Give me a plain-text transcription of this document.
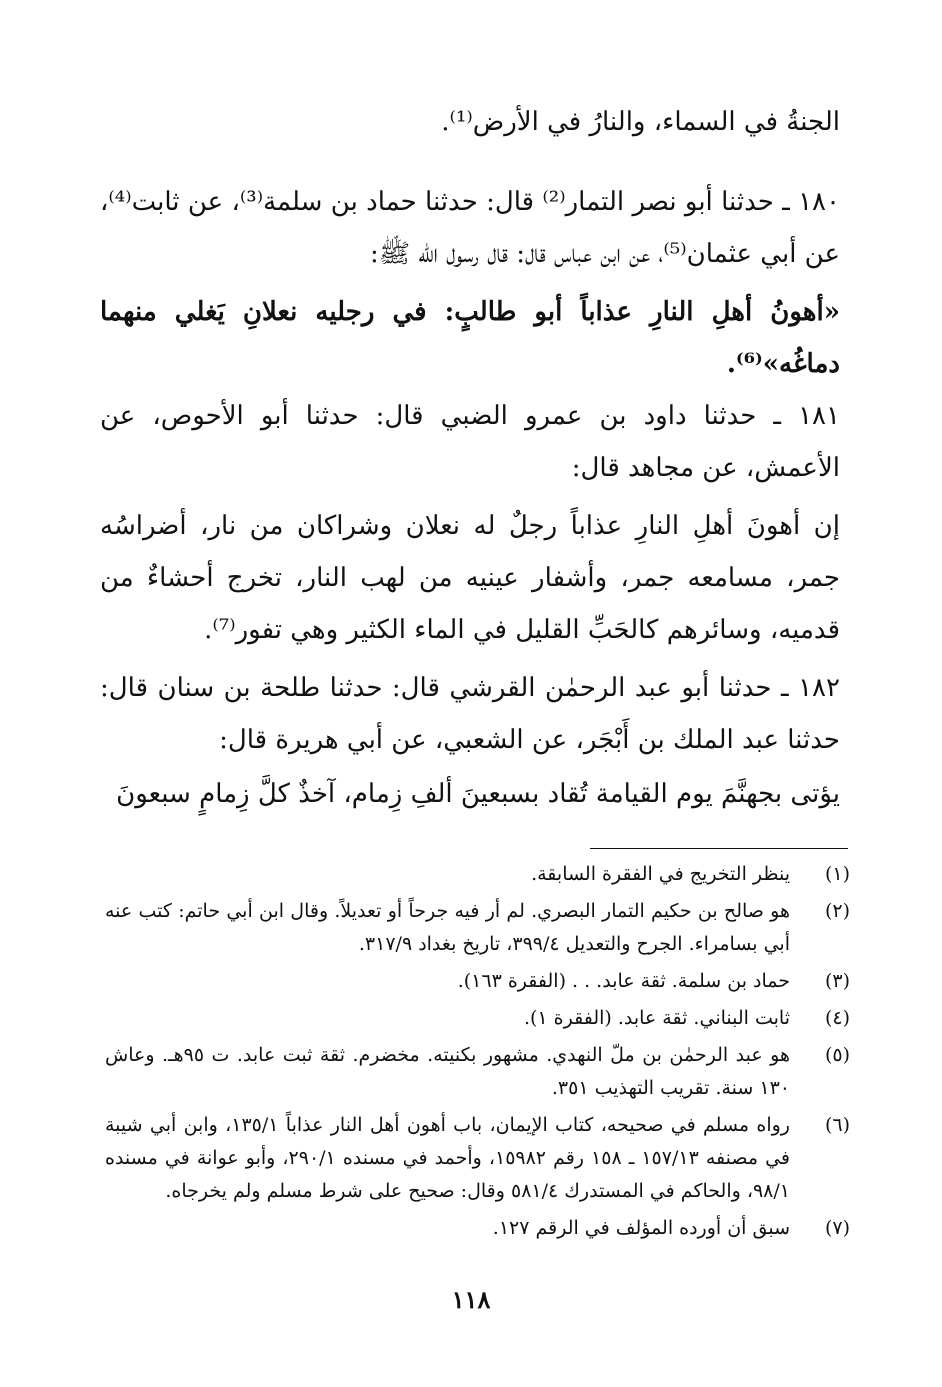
الجنةُ في السماء، والنارُ في الأرض⁽¹⁾.

١٨٠ ـ حدثنا أبو نصر التمار⁽²⁾ قال: حدثنا حماد بن سلمة⁽³⁾، عن ثابت⁽⁴⁾، عن أبي عثمان⁽⁵⁾، عن ابن عباس قال: قال رسول الله ﷺ:

«أهونُ أهلِ النارِ عذاباً أبو طالبٍ: في رجليه نعلانِ يَغلي منهما دماغُه»⁽⁶⁾.

١٨١ ـ حدثنا داود بن عمرو الضبي قال: حدثنا أبو الأحوص، عن الأعمش، عن مجاهد قال:

إن أهونَ أهلِ النارِ عذاباً رجلٌ له نعلان وشراكان من نار، أضراسُه جمر، مسامعه جمر، وأشفار عينيه من لهب النار، تخرج أحشاءٌ من قدميه، وسائرهم كالحَبِّ القليل في الماء الكثير وهي تفور⁽⁷⁾.

١٨٢ ـ حدثنا أبو عبد الرحمٰن القرشي قال: حدثنا طلحة بن سنان قال: حدثنا عبد الملك بن أَبْجَر، عن الشعبي، عن أبي هريرة قال:

يؤتى بجهنَّمَ يوم القيامة تُقاد بسبعينَ ألفِ زِمام، آخذٌ كلَّ زِمامٍ سبعونَ

(١)
ينظر التخريج في الفقرة السابقة.
(٢)
هو صالح بن حكيم التمار البصري. لم أر فيه جرحاً أو تعديلاً. وقال ابن أبي حاتم: كتب عنه أبي بسامراء. الجرح والتعديل ٣٩٩/٤، تاريخ بغداد ٣١٧/٩.
(٣)
حماد بن سلمة. ثقة عابد. . . (الفقرة ١٦٣).
(٤)
ثابت البناني. ثقة عابد. (الفقرة ١).
(٥)
هو عبد الرحمٰن بن ملّ النهدي. مشهور بكنيته. مخضرم. ثقة ثبت عابد. ت ٩٥هـ. وعاش ١٣٠ سنة. تقريب التهذيب ٣٥١.
(٦)
رواه مسلم في صحيحه، كتاب الإيمان، باب أهون أهل النار عذاباً ١٣٥/١، وابن أبي شيبة في مصنفه ١٥٧/١٣ ـ ١٥٨ رقم ١٥٩٨٢، وأحمد في مسنده ٢٩٠/١، وأبو عوانة في مسنده ٩٨/١، والحاكم في المستدرك ٥٨١/٤ وقال: صحيح على شرط مسلم ولم يخرجاه.
(٧)
سبق أن أورده المؤلف في الرقم ١٢٧.
١١٨
